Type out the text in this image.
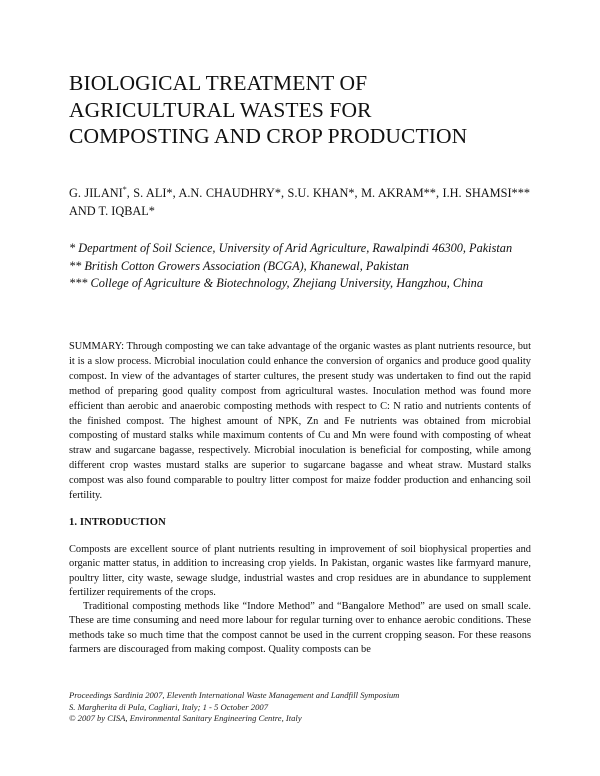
BIOLOGICAL TREATMENT OF
AGRICULTURAL WASTES FOR
COMPOSTING AND CROP PRODUCTION
G. JILANI*, S. ALI*, A.N. CHAUDHRY*, S.U. KHAN*, M. AKRAM**, I.H. SHAMSI*** AND T. IQBAL*
* Department of Soil Science, University of Arid Agriculture, Rawalpindi 46300, Pakistan
** British Cotton Growers Association (BCGA), Khanewal, Pakistan
*** College of Agriculture & Biotechnology, Zhejiang University, Hangzhou, China
SUMMARY: Through composting we can take advantage of the organic wastes as plant nutrients resource, but it is a slow process. Microbial inoculation could enhance the conversion of organics and produce good quality compost. In view of the advantages of starter cultures, the present study was undertaken to find out the rapid method of preparing good quality compost from agricultural wastes. Inoculation method was found more efficient than aerobic and anaerobic composting methods with respect to C: N ratio and nutrients contents of the finished compost. The highest amount of NPK, Zn and Fe nutrients was obtained from microbial composting of mustard stalks while maximum contents of Cu and Mn were found with composting of wheat straw and sugarcane bagasse, respectively. Microbial inoculation is beneficial for composting, while among different crop wastes mustard stalks are superior to sugarcane bagasse and wheat straw. Mustard stalks compost was also found comparable to poultry litter compost for maize fodder production and enhancing soil fertility.
1. INTRODUCTION

Composts are excellent source of plant nutrients resulting in improvement of soil biophysical properties and organic matter status, in addition to increasing crop yields. In Pakistan, organic wastes like farmyard manure, poultry litter, city waste, sewage sludge, industrial wastes and crop residues are in abundance to supplement fertilizer requirements of the crops.

Traditional composting methods like “Indore Method” and “Bangalore Method” are used on small scale. These are time consuming and need more labour for regular turning over to enhance aerobic conditions. These methods take so much time that the compost cannot be used in the current cropping season. For these reasons farmers are discouraged from making compost. Quality composts can be

Proceedings Sardinia 2007, Eleventh International Waste Management and Landfill Symposium
S. Margherita di Pula, Cagliari, Italy; 1 - 5 October 2007
© 2007 by CISA, Environmental Sanitary Engineering Centre, Italy
